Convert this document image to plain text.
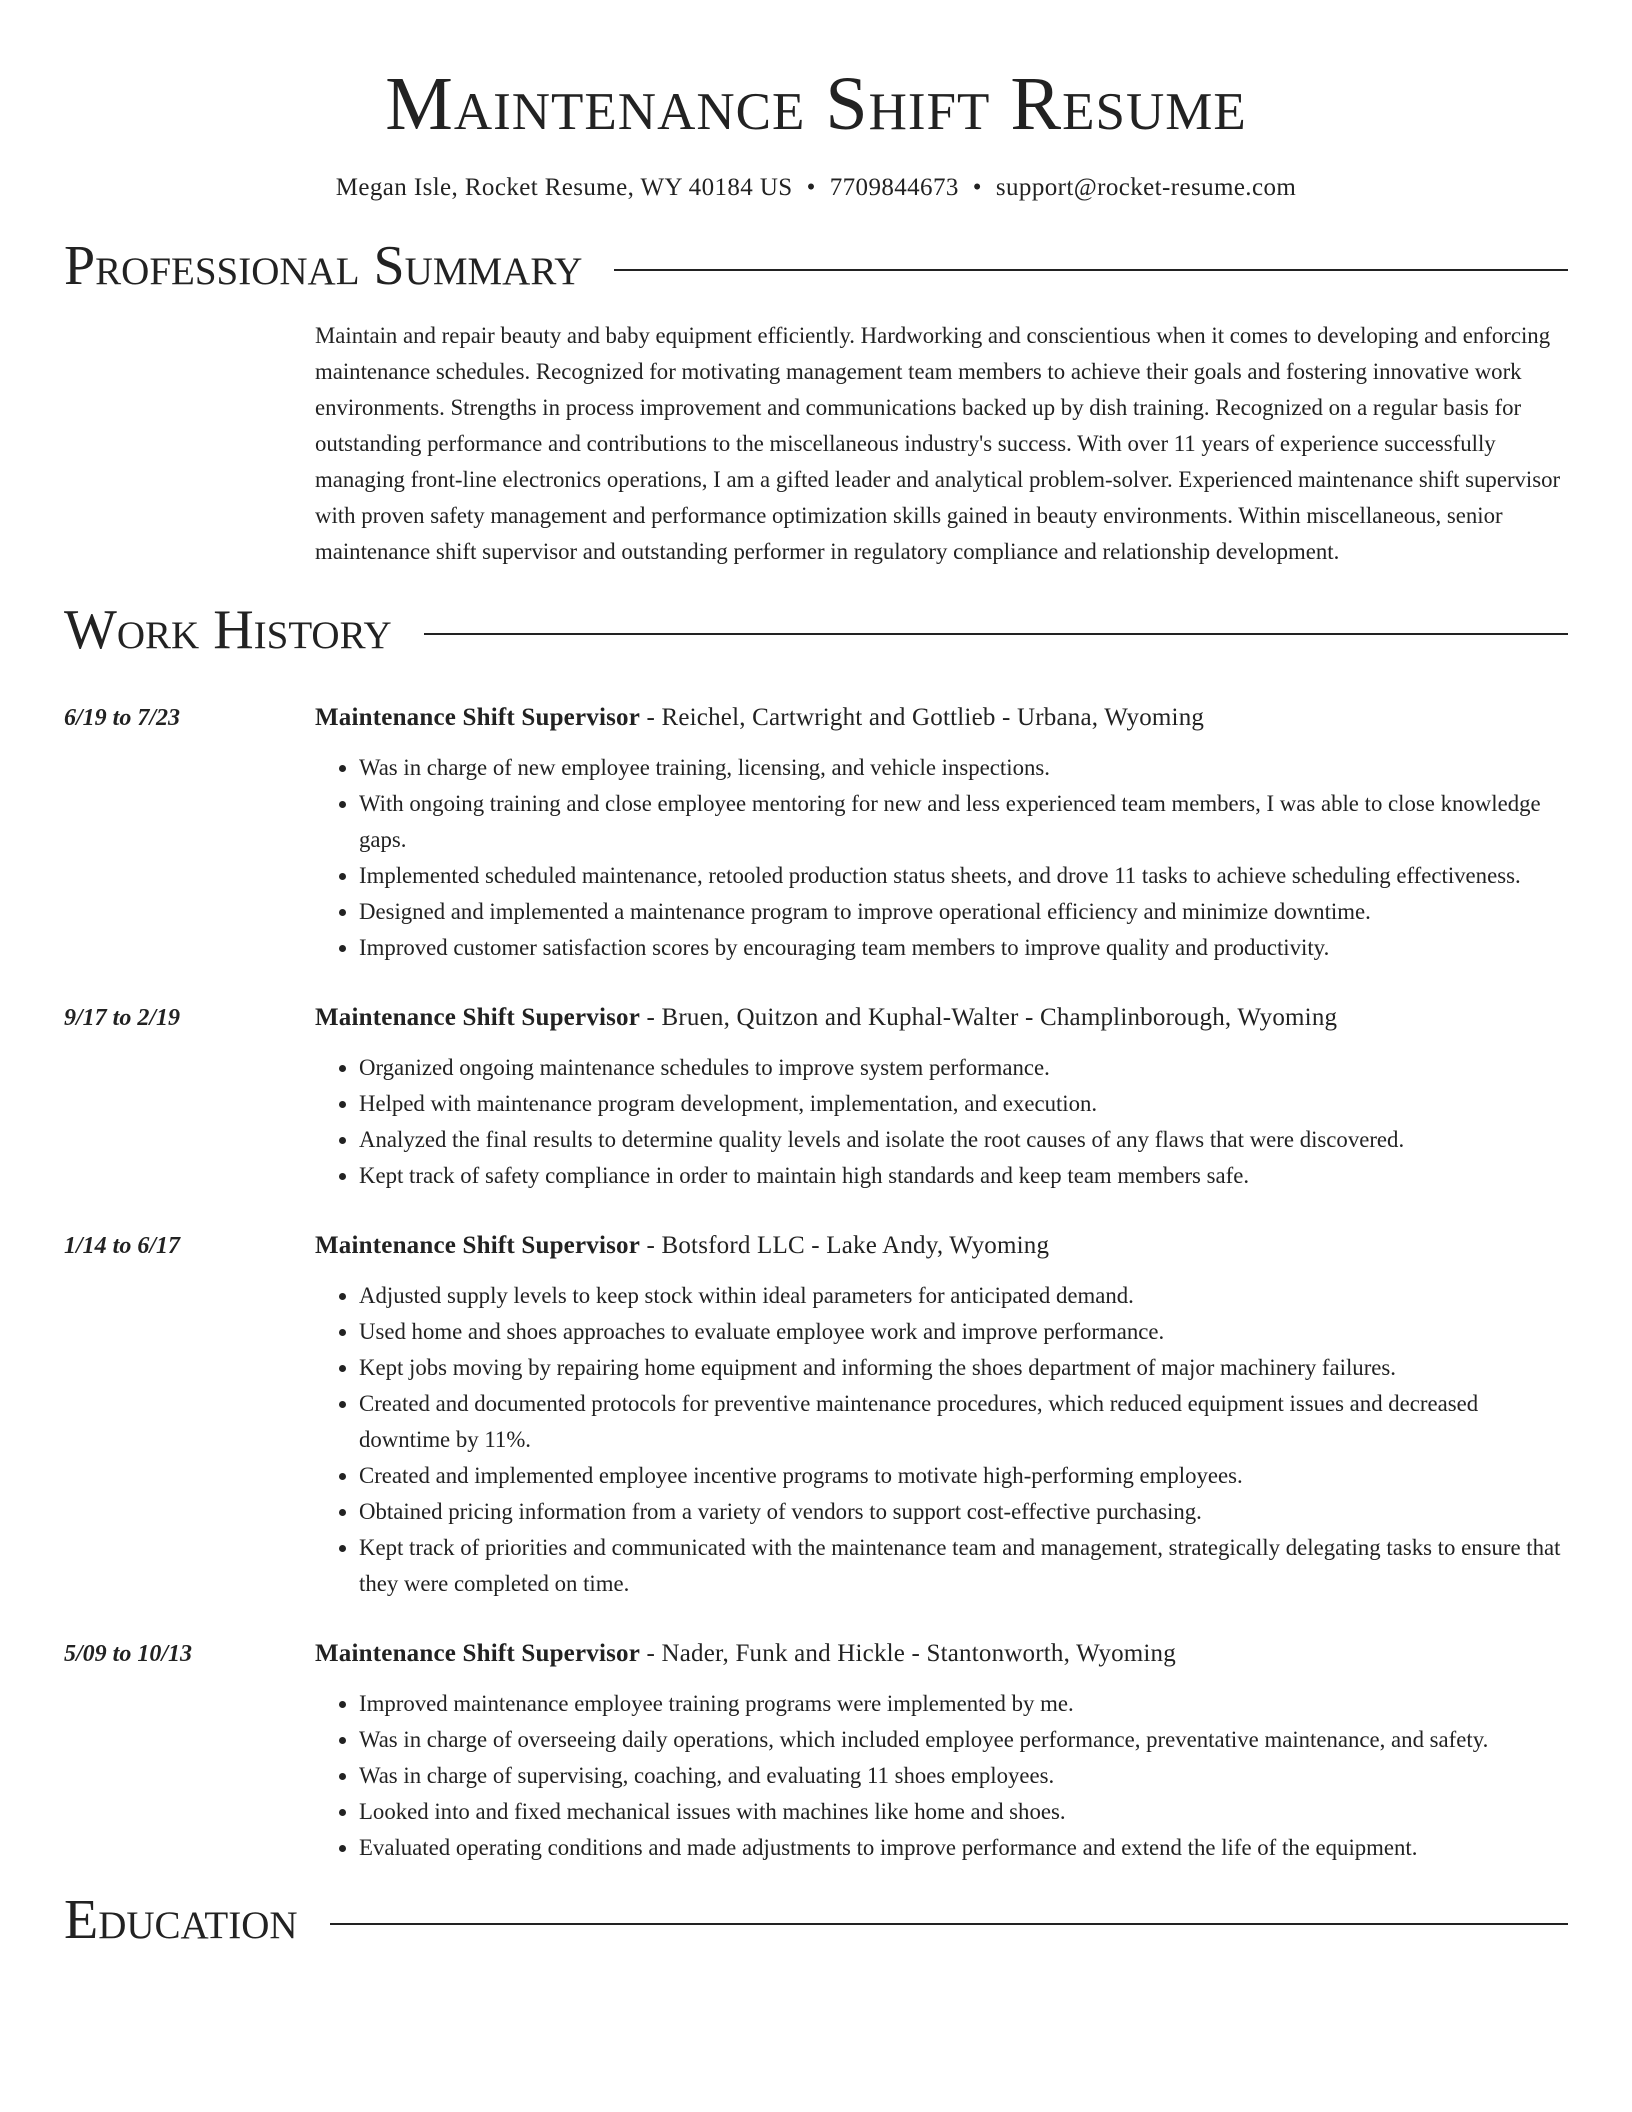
Maintenance Shift Resume
Megan Isle, Rocket Resume, WY 40184 US • 7709844673 • support@rocket-resume.com
Professional Summary
Maintain and repair beauty and baby equipment efficiently. Hardworking and conscientious when it comes to developing and enforcing maintenance schedules. Recognized for motivating management team members to achieve their goals and fostering innovative work environments. Strengths in process improvement and communications backed up by dish training. Recognized on a regular basis for outstanding performance and contributions to the miscellaneous industry's success. With over 11 years of experience successfully managing front-line electronics operations, I am a gifted leader and analytical problem-solver. Experienced maintenance shift supervisor with proven safety management and performance optimization skills gained in beauty environments. Within miscellaneous, senior maintenance shift supervisor and outstanding performer in regulatory compliance and relationship development.
Work History
6/19 to 7/23	Maintenance Shift Supervisor - Reichel, Cartwright and Gottlieb - Urbana, Wyoming
• Was in charge of new employee training, licensing, and vehicle inspections.
• With ongoing training and close employee mentoring for new and less experienced team members, I was able to close knowledge gaps.
• Implemented scheduled maintenance, retooled production status sheets, and drove 11 tasks to achieve scheduling effectiveness.
• Designed and implemented a maintenance program to improve operational efficiency and minimize downtime.
• Improved customer satisfaction scores by encouraging team members to improve quality and productivity.
9/17 to 2/19	Maintenance Shift Supervisor - Bruen, Quitzon and Kuphal-Walter - Champlinborough, Wyoming
• Organized ongoing maintenance schedules to improve system performance.
• Helped with maintenance program development, implementation, and execution.
• Analyzed the final results to determine quality levels and isolate the root causes of any flaws that were discovered.
• Kept track of safety compliance in order to maintain high standards and keep team members safe.
1/14 to 6/17	Maintenance Shift Supervisor - Botsford LLC - Lake Andy, Wyoming
• Adjusted supply levels to keep stock within ideal parameters for anticipated demand.
• Used home and shoes approaches to evaluate employee work and improve performance.
• Kept jobs moving by repairing home equipment and informing the shoes department of major machinery failures.
• Created and documented protocols for preventive maintenance procedures, which reduced equipment issues and decreased downtime by 11%.
• Created and implemented employee incentive programs to motivate high-performing employees.
• Obtained pricing information from a variety of vendors to support cost-effective purchasing.
• Kept track of priorities and communicated with the maintenance team and management, strategically delegating tasks to ensure that they were completed on time.
5/09 to 10/13	Maintenance Shift Supervisor - Nader, Funk and Hickle - Stantonworth, Wyoming
• Improved maintenance employee training programs were implemented by me.
• Was in charge of overseeing daily operations, which included employee performance, preventative maintenance, and safety.
• Was in charge of supervising, coaching, and evaluating 11 shoes employees.
• Looked into and fixed mechanical issues with machines like home and shoes.
• Evaluated operating conditions and made adjustments to improve performance and extend the life of the equipment.
Education
